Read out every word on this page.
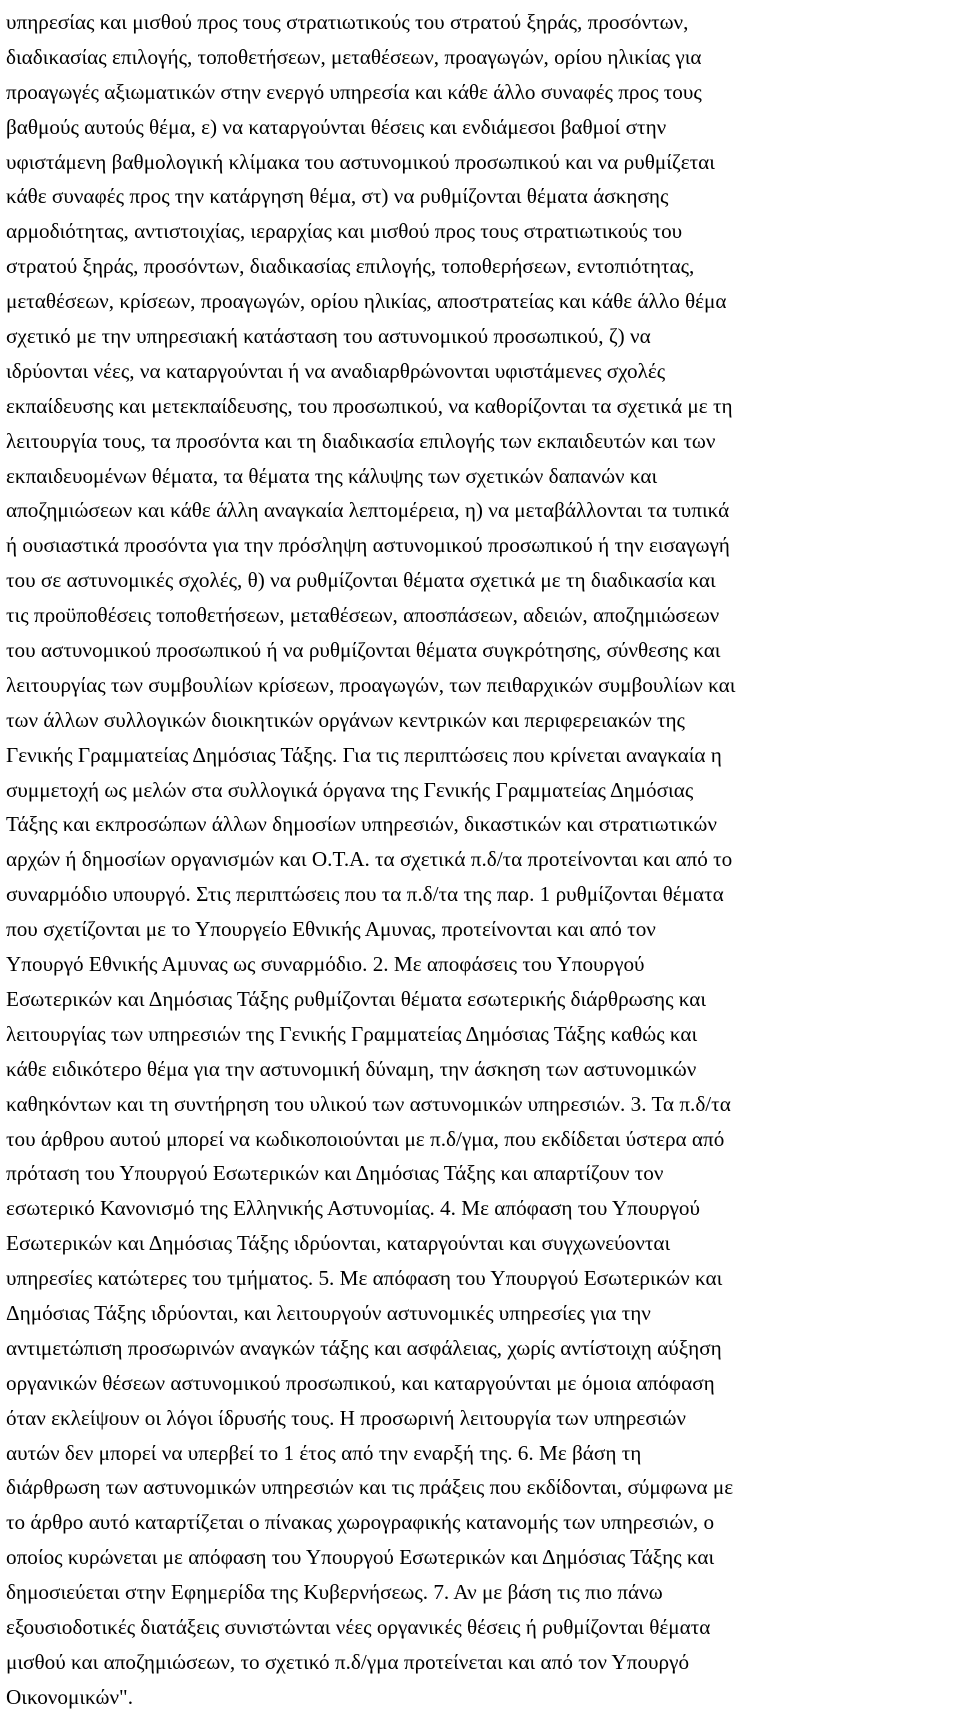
υπηρεσίας και μισθού προς τους στρατιωτικούς του στρατού ξηράς, προσόντων,
διαδικασίας επιλογής, τοποθετήσεων, μεταθέσεων, προαγωγών, ορίου ηλικίας για
προαγωγές αξιωματικών στην ενεργό υπηρεσία και κάθε άλλο συναφές προς τους
βαθμούς αυτούς θέμα, ε) να καταργούνται θέσεις και ενδιάμεσοι βαθμοί στην
υφιστάμενη βαθμολογική κλίμακα του αστυνομικού προσωπικού και να ρυθμίζεται
κάθε συναφές προς την κατάργηση θέμα, στ) να ρυθμίζονται θέματα άσκησης
αρμοδιότητας, αντιστοιχίας, ιεραρχίας και μισθού προς τους στρατιωτικούς του
στρατού ξηράς, προσόντων, διαδικασίας επιλογής, τοποθερήσεων, εντοπιότητας,
μεταθέσεων, κρίσεων, προαγωγών, ορίου ηλικίας, αποστρατείας και κάθε άλλο θέμα
σχετικό με την υπηρεσιακή κατάσταση του αστυνομικού προσωπικού, ζ) να
ιδρύονται νέες, να καταργούνται ή να αναδιαρθρώνονται υφιστάμενες σχολές
εκπαίδευσης και μετεκπαίδευσης, του προσωπικού, να καθορίζονται τα σχετικά με τη
λειτουργία τους, τα προσόντα και τη διαδικασία επιλογής των εκπαιδευτών και των
εκπαιδευομένων θέματα, τα θέματα της κάλυψης των σχετικών δαπανών και
αποζημιώσεων και κάθε άλλη αναγκαία λεπτομέρεια, η) να μεταβάλλονται τα τυπικά
ή ουσιαστικά προσόντα για την πρόσληψη αστυνομικού προσωπικού ή την εισαγωγή
του σε αστυνομικές σχολές, θ) να ρυθμίζονται θέματα σχετικά με τη διαδικασία και
τις προϋποθέσεις τοποθετήσεων, μεταθέσεων, αποσπάσεων, αδειών, αποζημιώσεων
του αστυνομικού προσωπικού ή να ρυθμίζονται θέματα συγκρότησης, σύνθεσης και
λειτουργίας των συμβουλίων κρίσεων, προαγωγών, των πειθαρχικών συμβουλίων και
των άλλων συλλογικών διοικητικών οργάνων κεντρικών και περιφερειακών της
Γενικής Γραμματείας Δημόσιας Τάξης. Για τις περιπτώσεις που κρίνεται αναγκαία η
συμμετοχή ως μελών στα συλλογικά όργανα της Γενικής Γραμματείας Δημόσιας
Τάξης και εκπροσώπων άλλων δημοσίων υπηρεσιών, δικαστικών και στρατιωτικών
αρχών ή δημοσίων οργανισμών και Ο.Τ.Α. τα σχετικά π.δ/τα προτείνονται και από το
συναρμόδιο υπουργό. Στις περιπτώσεις που τα π.δ/τα της παρ. 1 ρυθμίζονται θέματα
που σχετίζονται με το Υπουργείο Εθνικής Αμυνας, προτείνονται και από τον
Υπουργό Εθνικής Αμυνας ως συναρμόδιο. 2. Με αποφάσεις του Υπουργού
Εσωτερικών και Δημόσιας Τάξης ρυθμίζονται θέματα εσωτερικής διάρθρωσης και
λειτουργίας των υπηρεσιών της Γενικής Γραμματείας Δημόσιας Τάξης καθώς και
κάθε ειδικότερο θέμα για την αστυνομική δύναμη, την άσκηση των αστυνομικών
καθηκόντων και τη συντήρηση του υλικού των αστυνομικών υπηρεσιών. 3. Τα π.δ/τα
του άρθρου αυτού μπορεί να κωδικοποιούνται με π.δ/γμα, που εκδίδεται ύστερα από
πρόταση του Υπουργού Εσωτερικών και Δημόσιας Τάξης και απαρτίζουν τον
εσωτερικό Κανονισμό της Ελληνικής Αστυνομίας. 4. Με απόφαση του Υπουργού
Εσωτερικών και Δημόσιας Τάξης ιδρύονται, καταργούνται και συγχωνεύονται
υπηρεσίες κατώτερες του τμήματος. 5. Με απόφαση του Υπουργού Εσωτερικών και
Δημόσιας Τάξης ιδρύονται, και λειτουργούν αστυνομικές υπηρεσίες για την
αντιμετώπιση προσωρινών αναγκών τάξης και ασφάλειας, χωρίς αντίστοιχη αύξηση
οργανικών θέσεων αστυνομικού προσωπικού, και καταργούνται με όμοια απόφαση
όταν εκλείψουν οι λόγοι ίδρυσής τους. Η προσωρινή λειτουργία των υπηρεσιών
αυτών δεν μπορεί να υπερβεί το 1 έτος από την εναρξή της. 6. Με βάση τη
διάρθρωση των αστυνομικών υπηρεσιών και τις πράξεις που εκδίδονται, σύμφωνα με
το άρθρο αυτό καταρτίζεται ο πίνακας χωρογραφικής κατανομής των υπηρεσιών, ο
οποίος κυρώνεται με απόφαση του Υπουργού Εσωτερικών και Δημόσιας Τάξης και
δημοσιεύεται στην Εφημερίδα της Κυβερνήσεως. 7. Αν με βάση τις πιο πάνω
εξουσιοδοτικές διατάξεις συνιστώνται νέες οργανικές θέσεις ή ρυθμίζονται θέματα
μισθού και αποζημιώσεων, το σχετικό π.δ/γμα προτείνεται και από τον Υπουργό
Οικονομικών".
